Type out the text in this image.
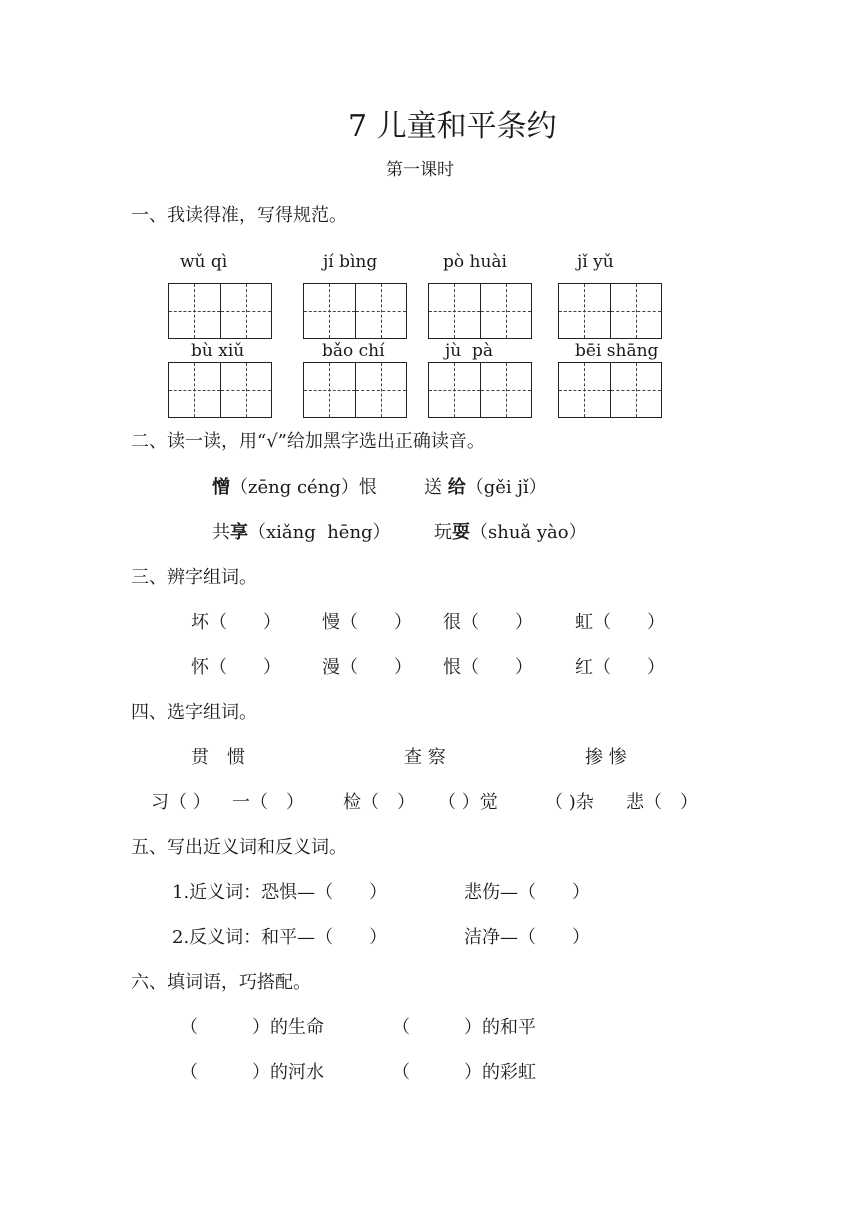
7 儿童和平条约
第一课时
一、我读得准，写得规范。
wǔ qì	jí bìng	pò huài	jǐ yǔ
bù xiǔ	bǎo chí	jù  pà	bēi shāng
二、读一读，用“√”给加黑字选出正确读音。
憎（zēng céng）恨	送 给（gěi jǐ）
共享（xiǎng  hēng） 玩耍（shuǎ yào）
三、辨字组词。
坏（　　） 慢（　　） 很（　　） 虹（　　）
怀（　　） 漫（　　） 恨（　　） 红（　　）
四、选字组词。
贯　惯	查 察	掺 惨
习（ ） 一（　） 检（　） （ ）觉	（ )杂 悲（　）
五、写出近义词和反义词。
1.近义词：恐惧—（　　）	悲伤—（　　）
2.反义词：和平—（　　）	洁净—（　　）
六、填词语，巧搭配。
（　　　）的生命	（　　　）的和平
（　　　）的河水	（　　　）的彩虹
